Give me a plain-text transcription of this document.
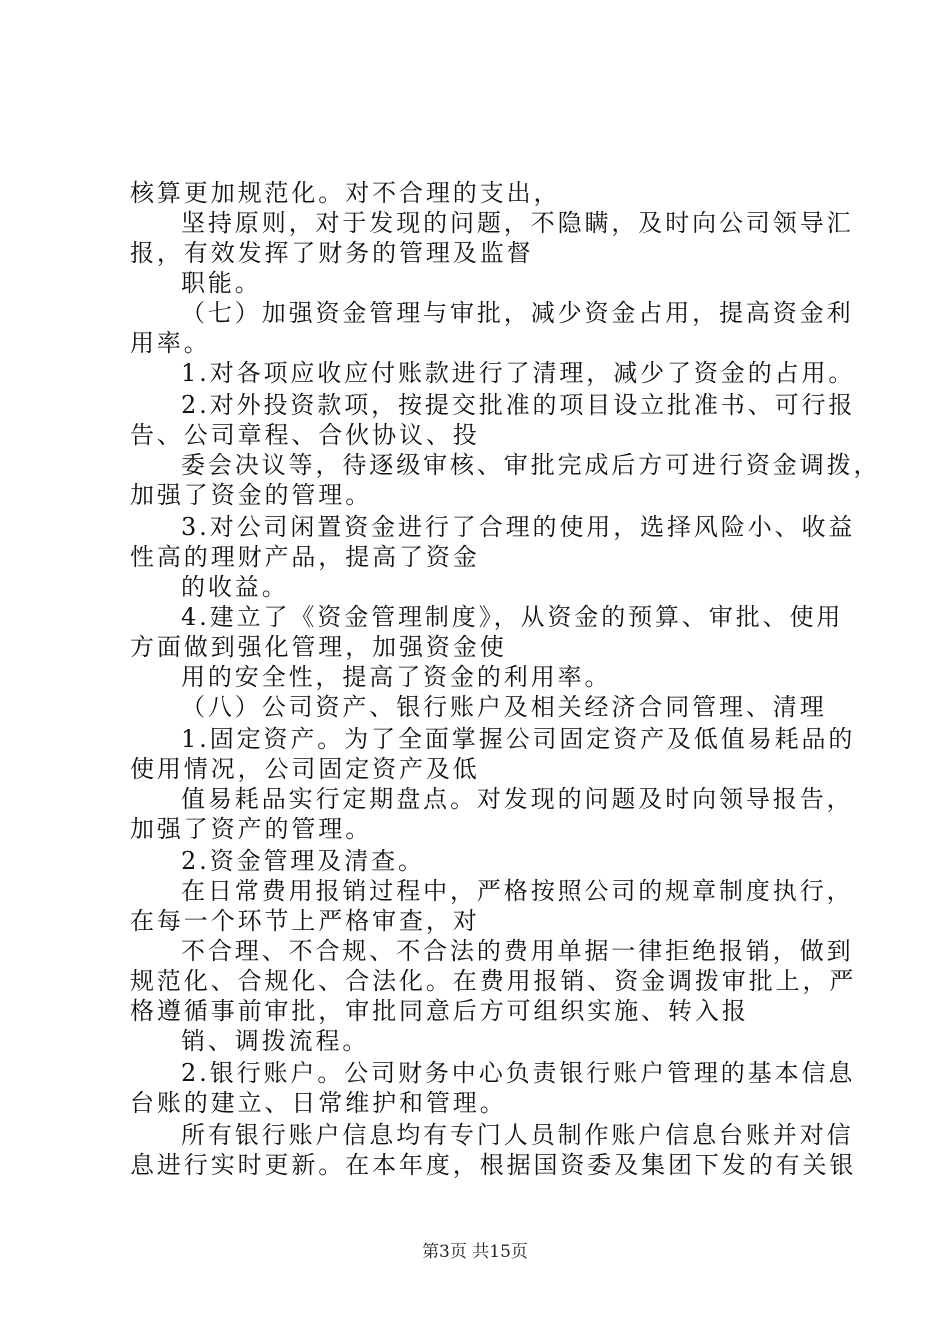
核算更加规范化。对不合理的支出，
坚持原则，对于发现的问题，不隐瞒，及时向公司领导汇
报，有效发挥了财务的管理及监督
职能。
（七）加强资金管理与审批，减少资金占用，提高资金利
用率。
1.对各项应收应付账款进行了清理，减少了资金的占用。
2.对外投资款项，按提交批准的项目设立批准书、可行报
告、公司章程、合伙协议、投
委会决议等，待逐级审核、审批完成后方可进行资金调拨，
加强了资金的管理。
3.对公司闲置资金进行了合理的使用，选择风险小、收益
性高的理财产品，提高了资金
的收益。
4.建立了《资金管理制度》，从资金的预算、审批、使用
方面做到强化管理，加强资金使
用的安全性，提高了资金的利用率。
（八）公司资产、银行账户及相关经济合同管理、清理
1.固定资产。为了全面掌握公司固定资产及低值易耗品的
使用情况，公司固定资产及低
值易耗品实行定期盘点。对发现的问题及时向领导报告，
加强了资产的管理。
2.资金管理及清查。
在日常费用报销过程中，严格按照公司的规章制度执行，
在每一个环节上严格审查，对
不合理、不合规、不合法的费用单据一律拒绝报销，做到
规范化、合规化、合法化。在费用报销、资金调拨审批上，严
格遵循事前审批，审批同意后方可组织实施、转入报
销、调拨流程。
2.银行账户。公司财务中心负责银行账户管理的基本信息
台账的建立、日常维护和管理。
所有银行账户信息均有专门人员制作账户信息台账并对信
息进行实时更新。在本年度，根据国资委及集团下发的有关银
第3页 共15页
